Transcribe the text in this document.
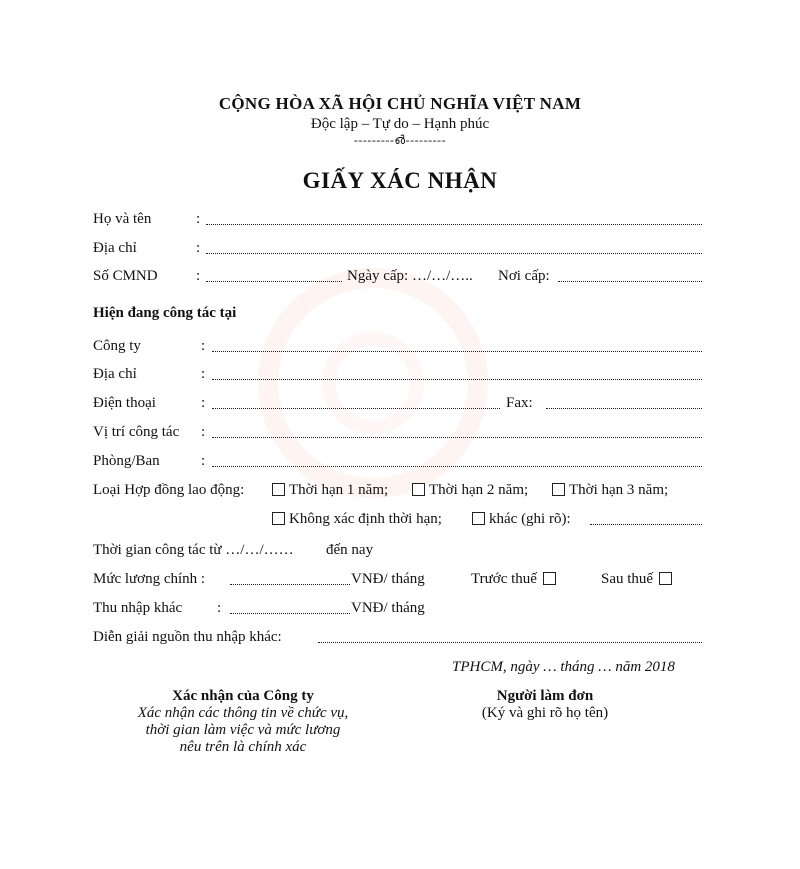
CỘNG HÒA XÃ HỘI CHỦ NGHĨA VIỆT NAM
Độc lập – Tự do – Hạnh phúc
---------൴---------
GIẤY XÁC NHẬN
Họ và tên	:
Địa chỉ	:
Số CMND	:	Ngày cấp: …/…/….. Nơi cấp:
Hiện đang công tác tại
Công ty	:
Địa chỉ	:
Điện thoại	:	Fax:
Vị trí công tác :
Phòng/Ban	:
Loại Hợp đồng lao động:	Thời hạn 1 năm;	Thời hạn 2 năm;	Thời hạn 3 năm;
Không xác định thời hạn;	khác (ghi rõ):
Thời gian công tác từ …/…/…… đến nay
Mức lương chính :	VNĐ/ tháng	Trước thuế	Sau thuế
Thu nhập khác :	VNĐ/ tháng
Diễn giải nguồn thu nhập khác:
TPHCM, ngày … tháng … năm 2018
Xác nhận của Công ty
Xác nhận các thông tin về chức vụ,
thời gian làm việc và mức lương
nêu trên là chính xác
Người làm đơn
(Ký và ghi rõ họ tên)
